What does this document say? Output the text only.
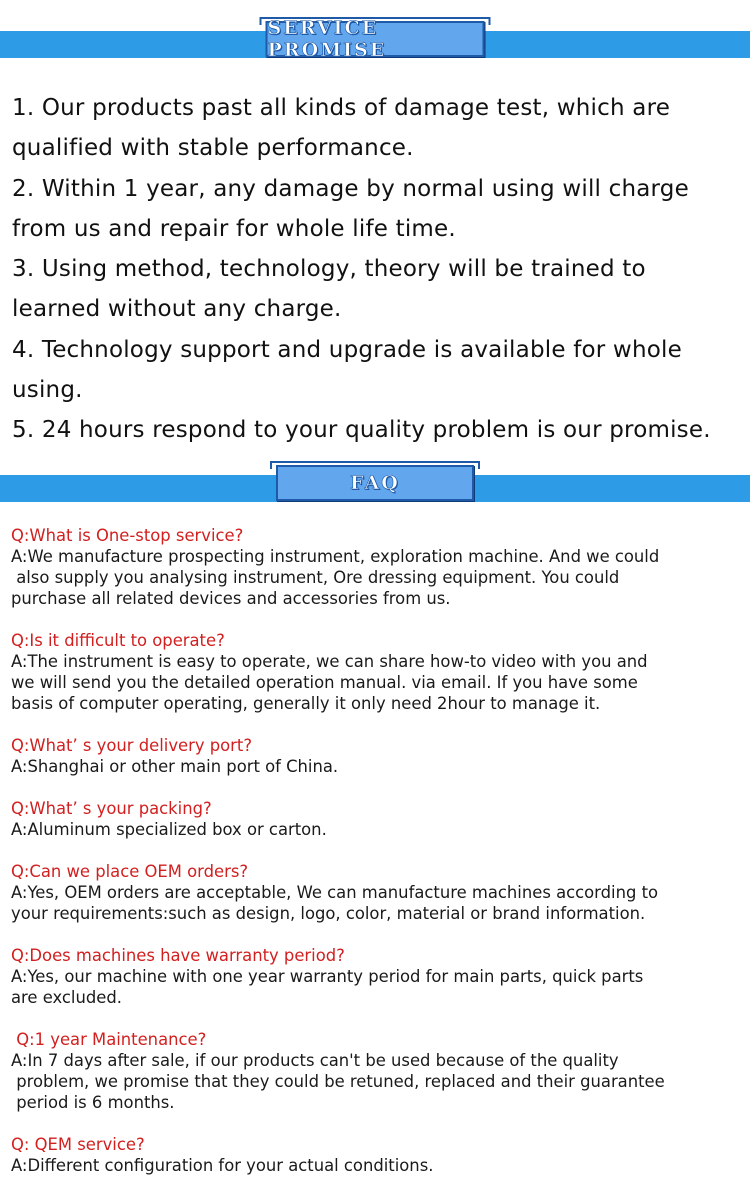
SERVICE PROMISE
1. Our products past all kinds of damage test, which are
qualified with stable performance.
2. Within 1 year, any damage by normal using will charge
from us and repair for whole life time.
3. Using method, technology, theory will be trained to
learned without any charge.
4. Technology support and upgrade is available for whole
using.
5. 24 hours respond to your quality problem is our promise.
FAQ
Q:What is One-stop service?
A:We manufacture prospecting instrument, exploration machine. And we could
also supply you analysing instrument, Ore dressing equipment. You could
purchase all related devices and accessories from us.
Q:Is it difficult to operate?
A:The instrument is easy to operate, we can share how-to video with you and
we will send you the detailed operation manual. via email. If you have some
basis of computer operating, generally it only need 2hour to manage it.
Q:What’ s your delivery port?
A:Shanghai or other main port of China.
Q:What’ s your packing?
A:Aluminum specialized box or carton.
Q:Can we place OEM orders?
A:Yes, OEM orders are acceptable, We can manufacture machines according to
your requirements:such as design, logo, color, material or brand information.
Q:Does machines have warranty period?
A:Yes, our machine with one year warranty period for main parts, quick parts
are excluded.
Q:1 year Maintenance?
A:In 7 days after sale, if our products can't be used because of the quality
problem, we promise that they could be retuned, replaced and their guarantee
period is 6 months.
Q: QEM service?
A:Different configuration for your actual conditions.
